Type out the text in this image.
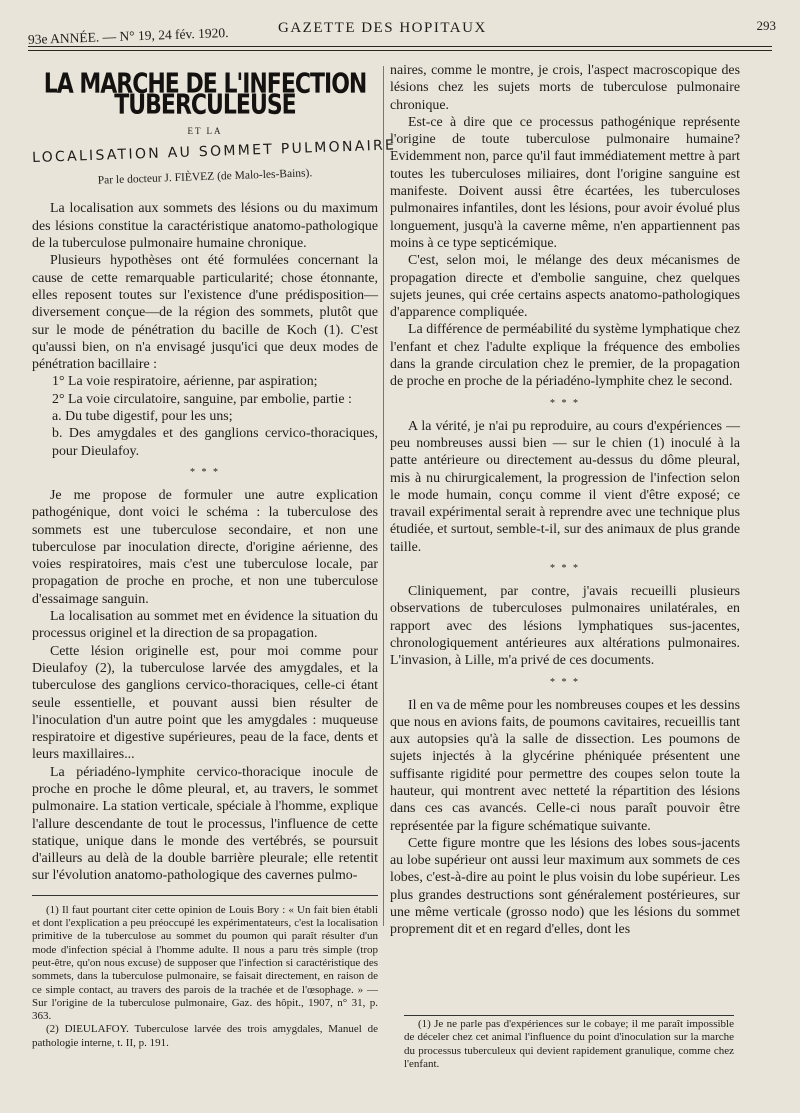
93e ANNÉE. — N° 19, 24 fév. 1920.	GAZETTE DES HOPITAUX	293
LA MARCHE DE L'INFECTION TUBERCULEUSE
ET LA
LOCALISATION AU SOMMET PULMONAIRE
Par le docteur J. FIÈVEZ (de Malo-les-Bains).

La localisation aux sommets des lésions ou du maximum des lésions constitue la caractéristique anatomo-pathologique de la tuberculose pulmonaire humaine chronique.

Plusieurs hypothèses ont été formulées concernant la cause de cette remarquable particularité; chose étonnante, elles reposent toutes sur l'existence d'une prédisposition—diversement conçue—de la région des sommets, plutôt que sur le mode de pénétration du bacille de Koch (1). C'est qu'aussi bien, on n'a envisagé jusqu'ici que deux modes de pénétration bacillaire :

1° La voie respiratoire, aérienne, par aspiration;

2° La voie circulatoire, sanguine, par embolie, partie :

a. Du tube digestif, pour les uns;

b. Des amygdales et des ganglions cervico-thoraciques, pour Dieulafoy.

* * *

Je me propose de formuler une autre explication pathogénique, dont voici le schéma : la tuberculose des sommets est une tuberculose secondaire, et non une tuberculose par inoculation directe, d'origine aérienne, des voies respiratoires, mais c'est une tuberculose locale, par propagation de proche en proche, et non une tuberculose d'essaimage sanguin.

La localisation au sommet met en évidence la situation du processus originel et la direction de sa propagation.

Cette lésion originelle est, pour moi comme pour Dieulafoy (2), la tuberculose larvée des amygdales, et la tuberculose des ganglions cervico-thoraciques, celle-ci étant seule essentielle, et pouvant aussi bien résulter de l'inoculation d'un autre point que les amygdales : muqueuse respiratoire et digestive supérieures, peau de la face, dents et leurs maxillaires...

La périadéno-lymphite cervico-thoracique inocule de proche en proche le dôme pleural, et, au travers, le sommet pulmonaire. La station verticale, spéciale à l'homme, explique l'allure descendante de tout le processus, l'influence de cette statique, unique dans le monde des vertébrés, se poursuit d'ailleurs au delà de la double barrière pleurale; elle retentit sur l'évolution anatomo-pathologique des cavernes pulmo-

(1) Il faut pourtant citer cette opinion de Louis Bory : « Un fait bien établi et dont l'explication a peu préoccupé les expérimentateurs, c'est la localisation primitive de la tuberculose au sommet du poumon qui paraît résulter d'un mode d'infection spécial à l'homme adulte. Il nous a paru très simple (trop peut-être, qu'on nous excuse) de supposer que l'infection si caractéristique des sommets, dans la tuberculose pulmonaire, se faisait directement, en raison de ce simple contact, au travers des parois de la trachée et de l'œsophage. » — Sur l'origine de la tuberculose pulmonaire, Gaz. des hôpit., 1907, n° 31, p. 363.

(2) DIEULAFOY. Tuberculose larvée des trois amygdales, Manuel de pathologie interne, t. II, p. 191.

naires, comme le montre, je crois, l'aspect macroscopique des lésions chez les sujets morts de tuberculose pulmonaire chronique.

Est-ce à dire que ce processus pathogénique représente l'origine de toute tuberculose pulmonaire humaine? Evidemment non, parce qu'il faut immédiatement mettre à part toutes les tuberculoses miliaires, dont l'origine sanguine est manifeste. Doivent aussi être écartées, les tuberculoses pulmonaires infantiles, dont les lésions, pour avoir évolué plus longuement, jusqu'à la caverne même, n'en appartiennent pas moins à ce type septicémique.

C'est, selon moi, le mélange des deux mécanismes de propagation directe et d'embolie sanguine, chez quelques sujets jeunes, qui crée certains aspects anatomo-pathologiques d'apparence compliquée.

La différence de perméabilité du système lymphatique chez l'enfant et chez l'adulte explique la fréquence des embolies dans la grande circulation chez le premier, de la propagation de proche en proche de la périadéno-lymphite chez le second.

* * *

A la vérité, je n'ai pu reproduire, au cours d'expériences — peu nombreuses aussi bien — sur le chien (1) inoculé à la patte antérieure ou directement au-dessus du dôme pleural, mis à nu chirurgicalement, la progression de l'infection selon le mode humain, conçu comme il vient d'être exposé; ce travail expérimental serait à reprendre avec une technique plus étudiée, et surtout, semble-t-il, sur des animaux de plus grande taille.

* * *

Cliniquement, par contre, j'avais recueilli plusieurs observations de tuberculoses pulmonaires unilatérales, en rapport avec des lésions lymphatiques sus-jacentes, chronologiquement antérieures aux altérations pulmonaires. L'invasion, à Lille, m'a privé de ces documents.

* * *

Il en va de même pour les nombreuses coupes et les dessins que nous en avions faits, de poumons cavitaires, recueillis tant aux autopsies qu'à la salle de dissection. Les poumons de sujets injectés à la glycérine phéniquée présentent une suffisante rigidité pour permettre des coupes selon toute la hauteur, qui montrent avec netteté la répartition des lésions dans ces cas avancés. Celle-ci nous paraît pouvoir être représentée par la figure schématique suivante.

Cette figure montre que les lésions des lobes sous-jacents au lobe supérieur ont aussi leur maximum aux sommets de ces lobes, c'est-à-dire au point le plus voisin du lobe supérieur. Les plus grandes destructions sont généralement postérieures, sur une même verticale (grosso nodo) que les lésions du sommet proprement dit et en regard d'elles, dont les

(1) Je ne parle pas d'expériences sur le cobaye; il me paraît impossible de déceler chez cet animal l'influence du point d'inoculation sur la marche du processus tuberculeux qui devient rapidement granulique, comme chez l'enfant.
